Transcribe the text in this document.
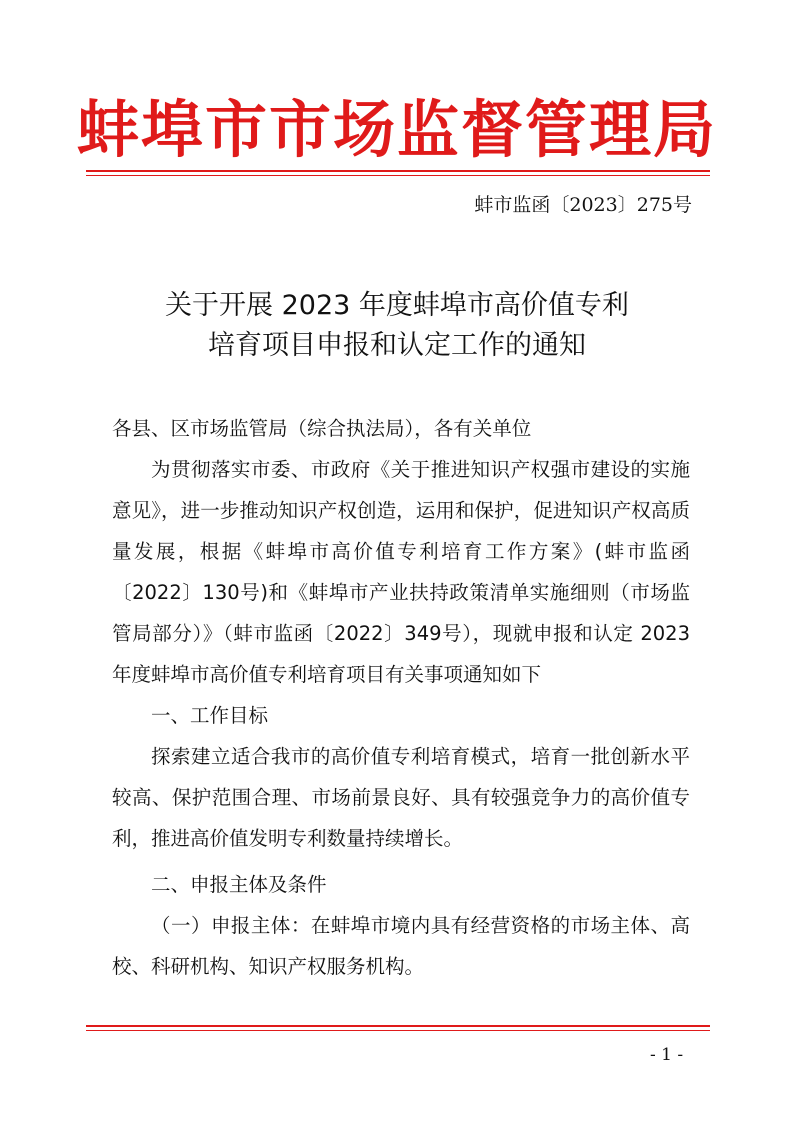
蚌埠市市场监督管理局
蚌市监函〔2023〕275号
关于开展 2023 年度蚌埠市高价值专利
培育项目申报和认定工作的通知

各县、区市场监管局（综合执法局），各有关单位

为贯彻落实市委、市政府《关于推进知识产权强市建设的实施意见》，进一步推动知识产权创造，运用和保护，促进知识产权高质量发展，根据《蚌埠市高价值专利培育工作方案》(蚌市监函〔2022〕130号)和《蚌埠市产业扶持政策清单实施细则（市场监管局部分）》（蚌市监函〔2022〕349号），现就申报和认定 2023 年度蚌埠市高价值专利培育项目有关事项通知如下

一、工作目标

探索建立适合我市的高价值专利培育模式，培育一批创新水平较高、保护范围合理、市场前景良好、具有较强竞争力的高价值专利，推进高价值发明专利数量持续增长。

二、申报主体及条件

（一）申报主体：在蚌埠市境内具有经营资格的市场主体、高校、科研机构、知识产权服务机构。

- 1 -
